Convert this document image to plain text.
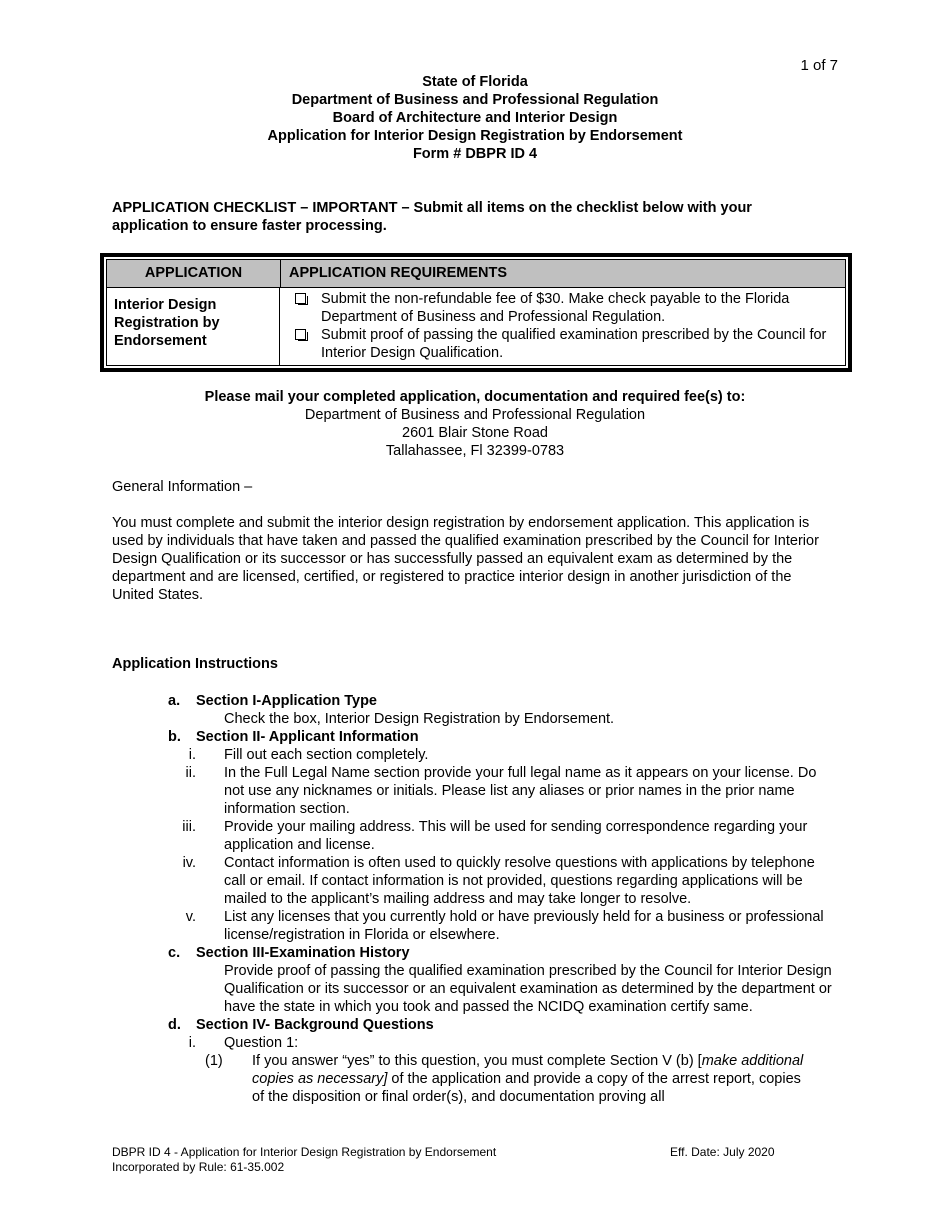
1 of 7
State of Florida
Department of Business and Professional Regulation
Board of Architecture and Interior Design
Application for Interior Design Registration by Endorsement
Form # DBPR ID 4
APPLICATION CHECKLIST – IMPORTANT – Submit all items on the checklist below with your application to ensure faster processing.
APPLICATION	APPLICATION REQUIREMENTS
Interior Design Registration by Endorsement
Submit the non-refundable fee of $30. Make check payable to the Florida Department of Business and Professional Regulation.
Submit proof of passing the qualified examination prescribed by the Council for Interior Design Qualification.
Please mail your completed application, documentation and required fee(s) to:
Department of Business and Professional Regulation
2601 Blair Stone Road
Tallahassee, Fl 32399-0783
General Information –
You must complete and submit the interior design registration by endorsement application. This application is used by individuals that have taken and passed the qualified examination prescribed by the Council for Interior Design Qualification or its successor or has successfully passed an equivalent exam as determined by the department and are licensed, certified, or registered to practice interior design in another jurisdiction of the United States.
Application Instructions
a. Section I-Application Type
Check the box, Interior Design Registration by Endorsement.
b. Section II- Applicant Information
i. Fill out each section completely.
ii. In the Full Legal Name section provide your full legal name as it appears on your license. Do not use any nicknames or initials. Please list any aliases or prior names in the prior name information section.
iii. Provide your mailing address. This will be used for sending correspondence regarding your application and license.
iv. Contact information is often used to quickly resolve questions with applications by telephone call or email. If contact information is not provided, questions regarding applications will be mailed to the applicant’s mailing address and may take longer to resolve.
v. List any licenses that you currently hold or have previously held for a business or professional license/registration in Florida or elsewhere.
c. Section III-Examination History
Provide proof of passing the qualified examination prescribed by the Council for Interior Design Qualification or its successor or an equivalent examination as determined by the department or have the state in which you took and passed the NCIDQ examination certify same.
d. Section IV- Background Questions
i. Question 1:
(1) If you answer “yes” to this question, you must complete Section V (b) [make additional copies as necessary] of the application and provide a copy of the arrest report, copies of the disposition or final order(s), and documentation proving all
DBPR ID 4 - Application for Interior Design Registration by Endorsement
Incorporated by Rule: 61-35.002
Eff. Date: July 2020
